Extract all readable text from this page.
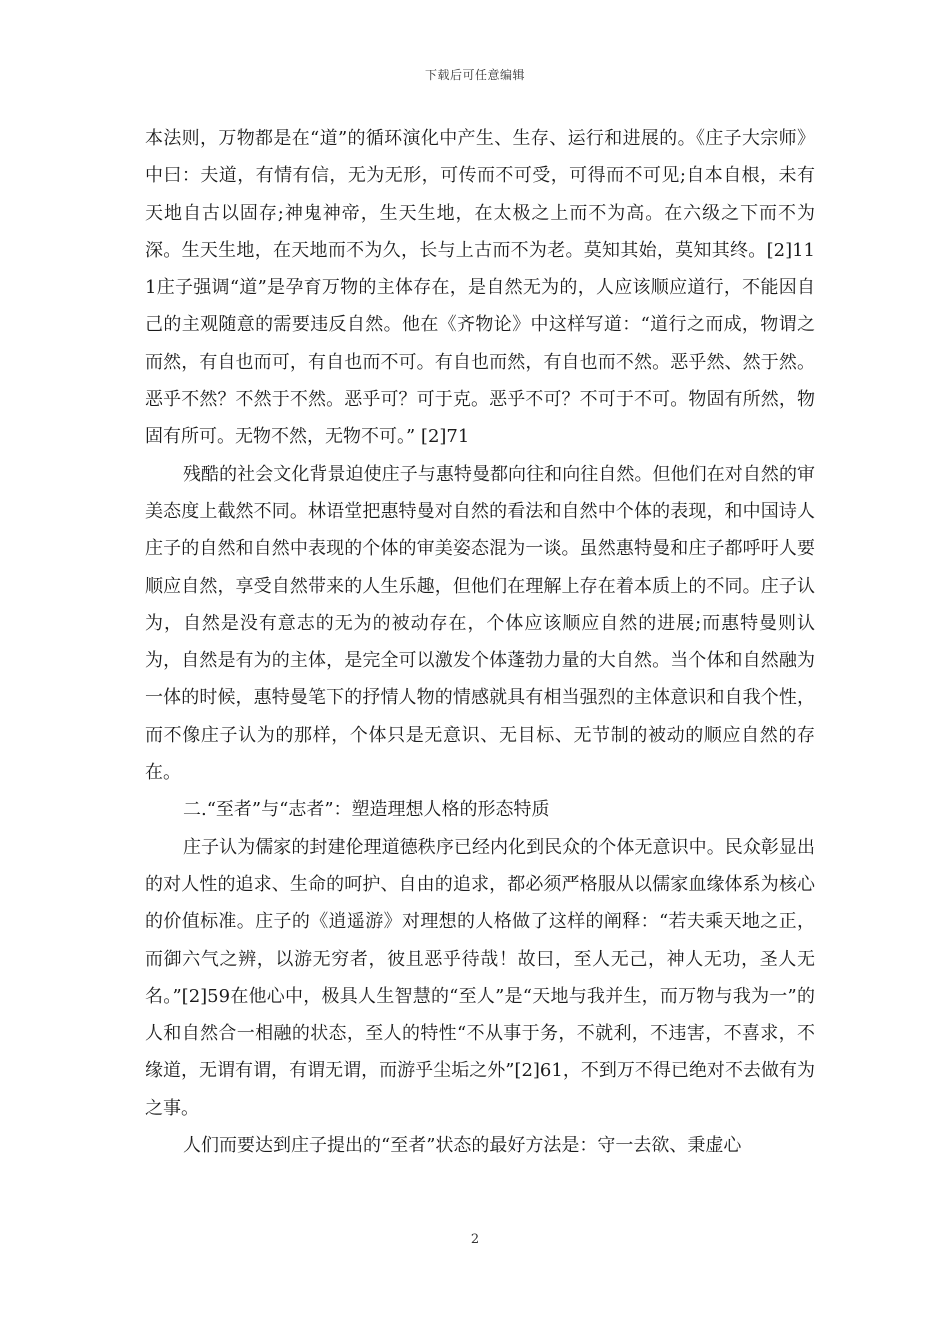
下载后可任意编辑

本法则，万物都是在“道”的循环演化中产生、生存、运行和进展的。《庄子大宗师》中曰：夫道，有情有信，无为无形，可传而不可受，可得而不可见;自本自根，未有天地自古以固存;神鬼神帝，生天生地，在太极之上而不为高。在六级之下而不为深。生天生地，在天地而不为久，长与上古而不为老。莫知其始，莫知其终。[2]111庄子强调“道”是孕育万物的主体存在，是自然无为的，人应该顺应道行，不能因自己的主观随意的需要违反自然。他在《齐物论》中这样写道：“道行之而成，物谓之而然，有自也而可，有自也而不可。有自也而然，有自也而不然。恶乎然、然于然。恶乎不然？不然于不然。恶乎可？可于克。恶乎不可？不可于不可。物固有所然，物固有所可。无物不然，无物不可。” [2]71

残酷的社会文化背景迫使庄子与惠特曼都向往和向往自然。但他们在对自然的审美态度上截然不同。林语堂把惠特曼对自然的看法和自然中个体的表现，和中国诗人庄子的自然和自然中表现的个体的审美姿态混为一谈。虽然惠特曼和庄子都呼吁人要顺应自然，享受自然带来的人生乐趣，但他们在理解上存在着本质上的不同。庄子认为，自然是没有意志的无为的被动存在，个体应该顺应自然的进展;而惠特曼则认为，自然是有为的主体，是完全可以激发个体蓬勃力量的大自然。当个体和自然融为一体的时候，惠特曼笔下的抒情人物的情感就具有相当强烈的主体意识和自我个性，而不像庄子认为的那样，个体只是无意识、无目标、无节制的被动的顺应自然的存在。

二.“至者”与“志者”：塑造理想人格的形态特质

庄子认为儒家的封建伦理道德秩序已经内化到民众的个体无意识中。民众彰显出的对人性的追求、生命的呵护、自由的追求，都必须严格服从以儒家血缘体系为核心的价值标准。庄子的《逍遥游》对理想的人格做了这样的阐释：“若夫乘天地之正，而御六气之辨，以游无穷者，彼且恶乎待哉！故曰，至人无己，神人无功，圣人无名。”[2]59在他心中，极具人生智慧的“至人”是“天地与我并生，而万物与我为一”的人和自然合一相融的状态，至人的特性“不从事于务，不就利，不违害，不喜求，不缘道，无谓有谓，有谓无谓，而游乎尘垢之外”[2]61，不到万不得已绝对不去做有为之事。

人们而要达到庄子提出的“至者”状态的最好方法是：守一去欲、秉虚心

2
